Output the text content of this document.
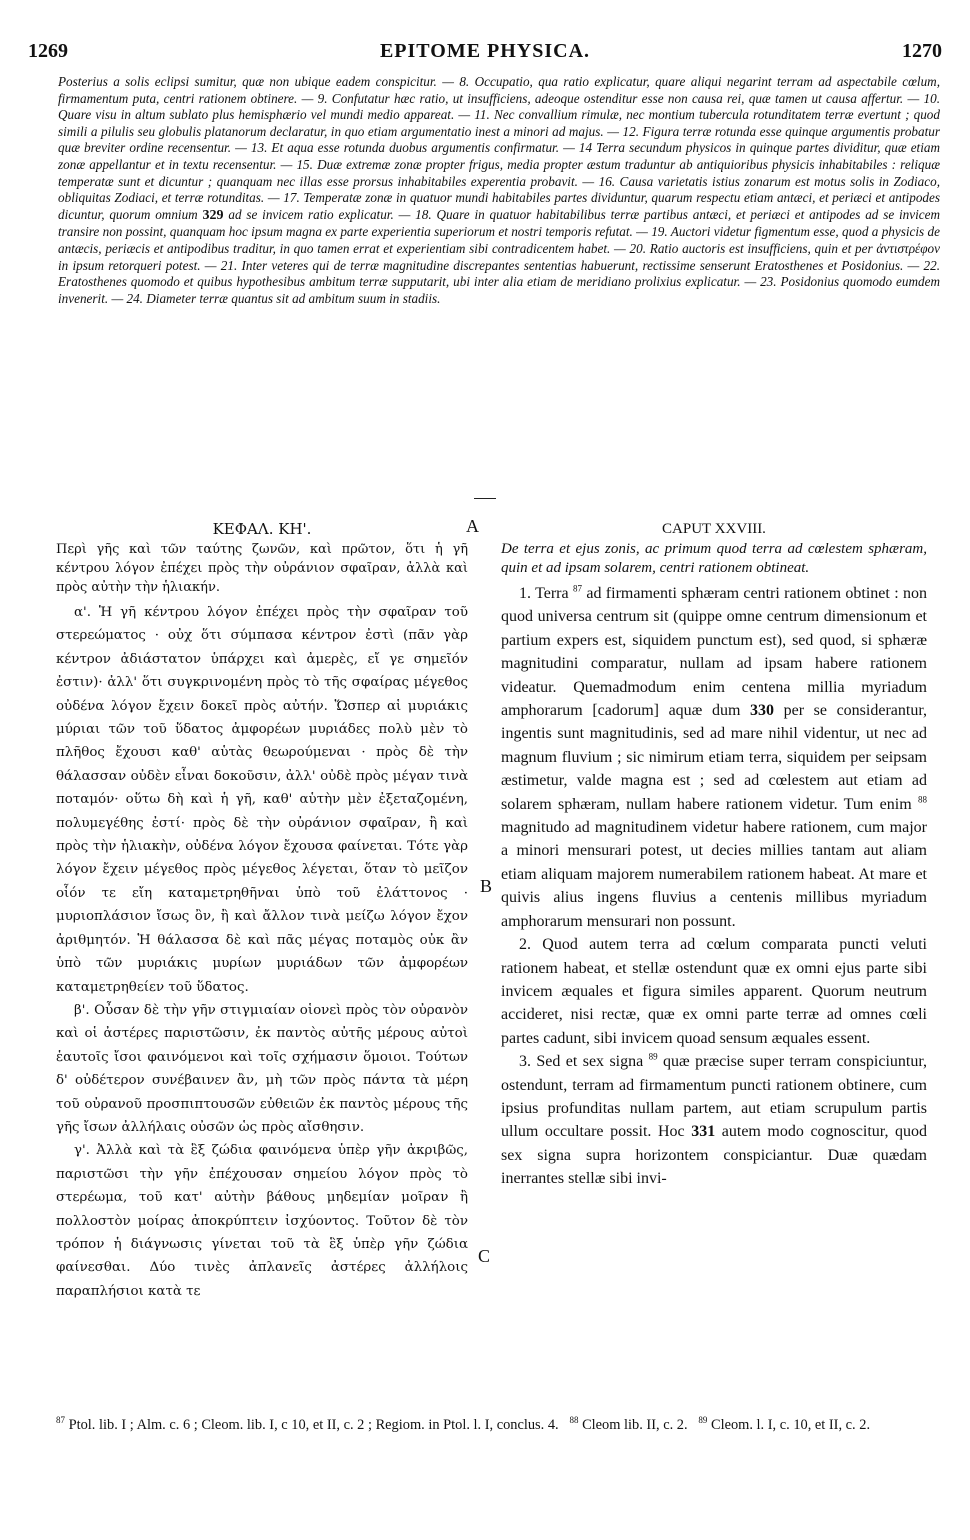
1269	EPITOME PHYSICA.	1270

Posterius a solis eclipsi sumitur, quæ non ubique eadem conspicitur. — 8. Occupatio, qua ratio explicatur, quare aliqui negarint terram ad aspectabile cœlum, firmamentum puta, centri rationem obtinere. — 9. Confutatur hæc ratio, ut insufficiens, adeoque ostenditur esse non causa rei, quæ tamen ut causa affertur. — 10. Quare visu in altum sublato plus hemisphærio vel mundi medio appareat. — 11. Nec convallium rimulæ, nec montium tubercula rotunditatem terræ evertunt ; quod simili a pilulis seu globulis platanorum declaratur, in quo etiam argumentatio inest a minori ad majus. — 12. Figura terræ rotunda esse quinque argumentis probatur quæ breviter ordine recensentur. — 13. Et aqua esse rotunda duobus argumentis confirmatur. — 14 Terra secundum physicos in quinque partes dividitur, quæ etiam zonæ appellantur et in textu recensentur. — 15. Duæ extremæ zonæ propter frigus, media propter æstum traduntur ab antiquioribus physicis inhabitabiles : reliquæ temperatæ sunt et dicuntur ; quanquam nec illas esse prorsus inhabitabiles experentia probavit. — 16. Causa varietatis istius zonarum est motus solis in Zodiaco, obliquitas Zodiaci, et terræ rotunditas. — 17. Temperatæ zonæ in quatuor mundi habitabiles partes dividuntur, quarum respectu etiam antæci, et periæci et antipodes dicuntur, quorum omnium 329 ad se invicem ratio explicatur. — 18. Quare in quatuor habitabilibus terræ partibus antæci, et periæci et antipodes ad se invicem transire non possint, quanquam hoc ipsum magna ex parte experientia superiorum et nostri temporis refutat. — 19. Auctori videtur figmentum esse, quod a physicis de antæcis, periæcis et antipodibus traditur, in quo tamen errat et experientiam sibi contradicentem habet. — 20. Ratio auctoris est insufficiens, quin et per ἀντιστρέφον in ipsum retorqueri potest. — 21. Inter veteres qui de terræ magnitudine discrepantes sententias habuerunt, rectissime senserunt Eratosthenes et Posidonius. — 22. Eratosthenes quomodo et quibus hypothesibus ambitum terræ supputarit, ubi inter alia etiam de meridiano prolixius explicatur. — 23. Posidonius quomodo eumdem invenerit. — 24. Diameter terræ quantus sit ad ambitum suum in stadiis.

A
B
C

ΚΕΦΑΛ. ΚΗ'.

Περὶ γῆς καὶ τῶν ταύτης ζωνῶν, καὶ πρῶτον, ὅτι ἡ γῆ κέντρου λόγον ἐπέχει πρὸς τὴν οὐράνιον σφαῖραν, ἀλλὰ καὶ πρὸς αὐτὴν τὴν ἡλιακήν.

α'. Ἡ γῆ κέντρου λόγον ἐπέχει πρὸς τὴν σφαῖραν τοῦ στερεώματος · οὐχ ὅτι σύμπασα κέντρον ἐστὶ (πᾶν γὰρ κέντρον ἀδιάστατον ὑπάρχει καὶ ἀμερὲς, εἴ γε σημεῖόν ἐστιν)· ἀλλ' ὅτι συγκρινομένη πρὸς τὸ τῆς σφαίρας μέγεθος οὐδένα λόγον ἔχειν δοκεῖ πρὸς αὐτήν. Ὥσπερ αἱ μυριάκις μύριαι τῶν τοῦ ὕδατος ἀμφορέων μυριάδες πολὺ μὲν τὸ πλῆθος ἔχουσι καθ' αὑτὰς θεωρούμεναι · πρὸς δὲ τὴν θάλασσαν οὐδὲν εἶναι δοκοῦσιν, ἀλλ' οὐδὲ πρὸς μέγαν τινὰ ποταμόν· οὕτω δὴ καὶ ἡ γῆ, καθ' αὑτὴν μὲν ἐξεταζομένη, πολυμεγέθης ἐστί· πρὸς δὲ τὴν οὐράνιον σφαῖραν, ἢ καὶ πρὸς τὴν ἡλιακὴν, οὐδένα λόγον ἔχουσα φαίνεται. Τότε γὰρ λόγον ἔχειν μέγεθος πρὸς μέγεθος λέγεται, ὅταν τὸ μεῖζον οἷόν τε εἴη καταμετρηθῆναι ὑπὸ τοῦ ἐλάττονος · μυριοπλάσιον ἴσως ὂν, ἢ καὶ ἄλλον τινὰ μείζω λόγον ἔχον ἀριθμητόν. Ἡ θάλασσα δὲ καὶ πᾶς μέγας ποταμὸς οὐκ ἂν ὑπὸ τῶν μυριάκις μυρίων μυριάδων τῶν ἀμφορέων καταμετρηθείεν τοῦ ὕδατος.

β'. Οὖσαν δὲ τὴν γῆν στιγμιαίαν οἱονεὶ πρὸς τὸν οὐρανὸν καὶ οἱ ἀστέρες παριστῶσιν, ἐκ παντὸς αὐτῆς μέρους αὐτοὶ ἑαυτοῖς ἴσοι φαινόμενοι καὶ τοῖς σχήμασιν ὅμοιοι. Τούτων δ' οὐδέτερον συνέβαινεν ἂν, μὴ τῶν πρὸς πάντα τὰ μέρη τοῦ οὐρανοῦ προσπιπτουσῶν εὐθειῶν ἐκ παντὸς μέρους τῆς γῆς ἴσων ἀλλήλαις οὐσῶν ὡς πρὸς αἴσθησιν.

γ'. Ἀλλὰ καὶ τὰ ἓξ ζώδια φαινόμενα ὑπὲρ γῆν ἀκριβῶς, παριστῶσι τὴν γῆν ἐπέχουσαν σημείου λόγον πρὸς τὸ στερέωμα, τοῦ κατ' αὐτὴν βάθους μηδεμίαν μοῖραν ἢ πολλοστὸν μοίρας ἀποκρύπτειν ἰσχύοντος. Τοῦτον δὲ τὸν τρόπον ἡ διάγνωσις γίνεται τοῦ τὰ ἓξ ὑπὲρ γῆν ζώδια φαίνεσθαι. Δύο τινὲς ἀπλανεῖς ἀστέρες ἀλλήλοις παραπλήσιοι κατὰ τε

CAPUT XXVIII.

De terra et ejus zonis, ac primum quod terra ad cœlestem sphæram, quin et ad ipsam solarem, centri rationem obtineat.

1. Terra $^{87}$ ad firmamenti sphæram centri rationem obtinet : non quod universa centrum sit (quippe omne centrum dimensionum et partium expers est, siquidem punctum est), sed quod, si sphæræ magnitudini comparatur, nullam ad ipsam habere rationem videatur. Quemadmodum enim centena millia myriadum amphorarum [cadorum] aquæ dum 330 per se considerantur, ingentis sunt magnitudinis, sed ad mare nihil videntur, ut nec ad magnum fluvium ; sic nimirum etiam terra, siquidem per seipsam æstimetur, valde magna est ; sed ad cœlestem aut etiam ad solarem sphæram, nullam habere rationem videtur. Tum enim $^{88}$ magnitudo ad magnitudinem videtur habere rationem, cum major a minori mensurari potest, ut decies millies tantam aut aliam etiam aliquam majorem numerabilem rationem habeat. At mare et quivis alius ingens fluvius a centenis millibus myriadum amphorarum mensurari non possunt.

2. Quod autem terra ad cœlum comparata puncti veluti rationem habeat, et stellæ ostendunt quæ ex omni ejus parte sibi invicem æquales et figura similes apparent. Quorum neutrum accideret, nisi rectæ, quæ ex omni parte terræ ad omnes cœli partes cadunt, sibi invicem quoad sensum æquales essent.

3. Sed et sex signa $^{89}$ quæ præcise super terram conspiciuntur, ostendunt, terram ad firmamentum puncti rationem obtinere, cum ipsius profunditas nullam partem, aut etiam scrupulum partis ullum occultare possit. Hoc 331 autem modo cognoscitur, quod sex signa supra horizontem conspiciantur. Duæ quædam inerrantes stellæ sibi invi-

$^{87}$ Ptol. lib. I ; Alm. c. 6 ; Cleom. lib. I, c 10, et II, c. 2 ; Regiom. in Ptol. l. I, conclus. 4. $^{88}$ Cleom lib. II, c. 2. $^{89}$ Cleom. l. I, c. 10, et II, c. 2.
